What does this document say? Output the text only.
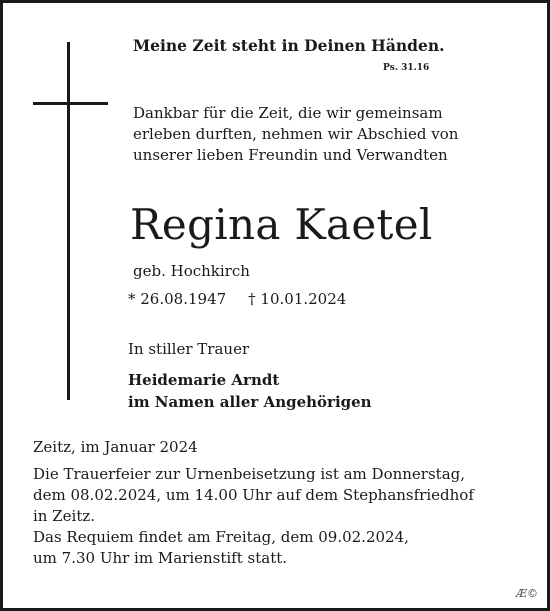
Meine Zeit steht in Deinen Händen.
Ps. 31.16
Dankbar für die Zeit, die wir gemeinsam
erleben durften, nehmen wir Abschied von
unserer lieben Freundin und Verwandten
Regina Kaetel
geb. Hochkirch
* 26.08.1947 † 10.01.2024
In stiller Trauer
Heidemarie Arndt
im Namen aller Angehörigen
Zeitz, im Januar 2024
Die Trauerfeier zur Urnenbeisetzung ist am Donnerstag,
dem 08.02.2024, um 14.00 Uhr auf dem Stephansfriedhof
in Zeitz.
Das Requiem findet am Freitag, dem 09.02.2024,
um 7.30 Uhr im Marienstift statt.
Æ©
